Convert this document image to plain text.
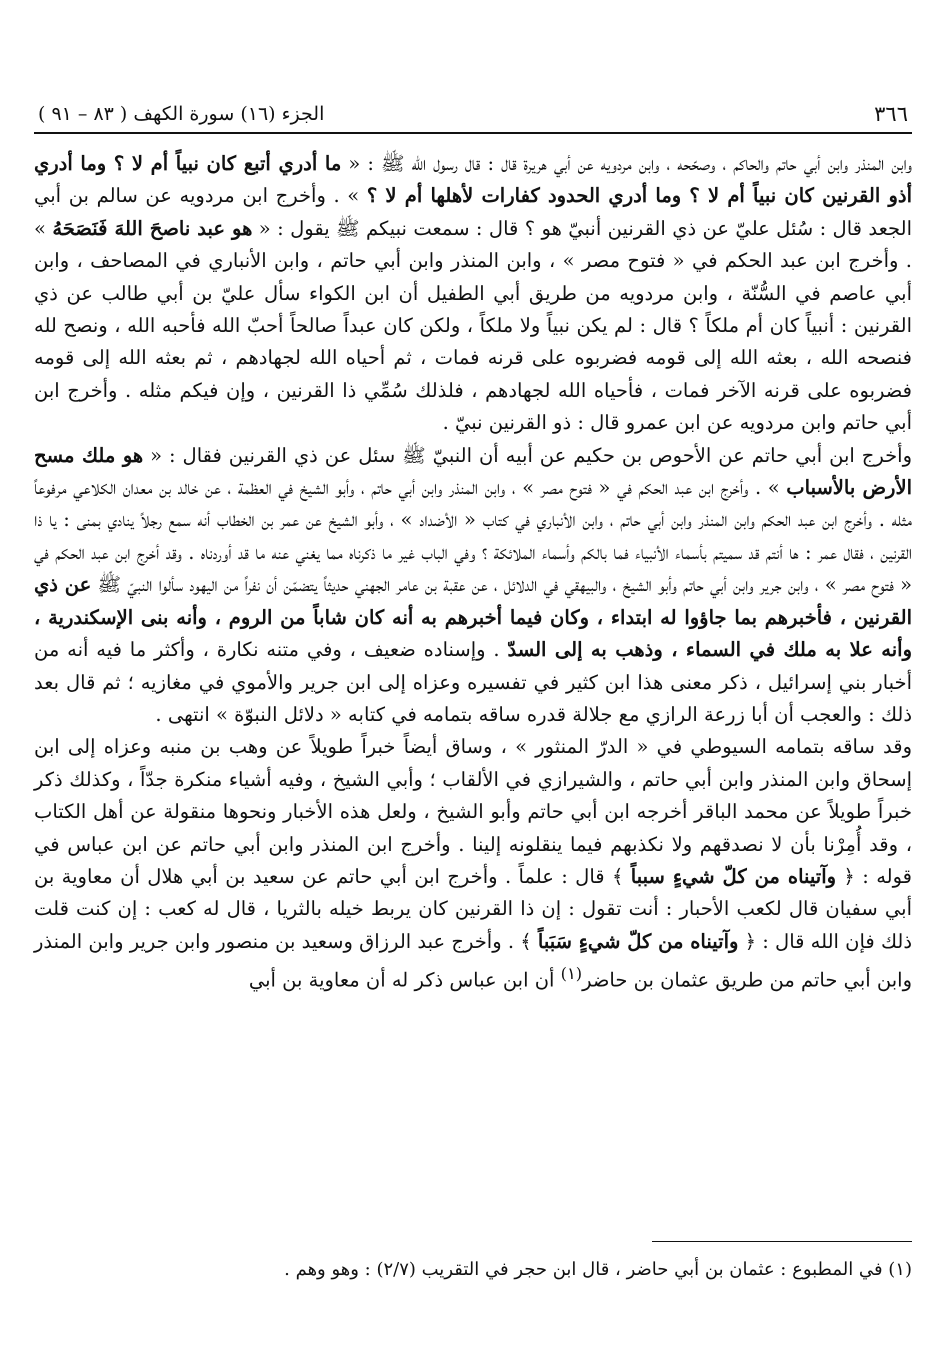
٣٦٦
الجزء (١٦) سورة الكهف ( ٨٣ – ٩١ )

وابن المنذر وابن أبي حاتم والحاكم ، وصحّحه ، وابن مردويه عن أبي هريرة قال : قال رسول الله ﷺ : « ما أدري أتبع كان نبياً أم لا ؟ وما أدري أذو القرنين كان نبياً أم لا ؟ وما أدري الحدود كفارات لأهلها أم لا ؟ » . وأخرج ابن مردويه عن سالم بن أبي الجعد قال : سُئل عليّ عن ذي القرنين أنبيّ هو ؟ قال : سمعت نبيكم ﷺ يقول : « هو عبد ناصحَ اللهَ فَنَصَحَهُ » . وأخرج ابن عبد الحكم في « فتوح مصر » ، وابن المنذر وابن أبي حاتم ، وابن الأنباري في المصاحف ، وابن أبي عاصم في السُّنّة ، وابن مردويه من طريق أبي الطفيل أن ابن الكواء سأل عليّ بن أبي طالب عن ذي القرنين : أنبياً كان أم ملكاً ؟ قال : لم يكن نبياً ولا ملكاً ، ولكن كان عبداً صالحاً أحبّ الله فأحبه الله ، ونصح لله فنصحه الله ، بعثه الله إلى قومه فضربوه على قرنه فمات ، ثم أحياه الله لجهادهم ، ثم بعثه الله إلى قومه فضربوه على قرنه الآخر فمات ، فأحياه الله لجهادهم ، فلذلك سُمِّي ذا القرنين ، وإن فيكم مثله . وأخرج ابن أبي حاتم وابن مردويه عن ابن عمرو قال : ذو القرنين نبيّ .

وأخرج ابن أبي حاتم عن الأحوص بن حكيم عن أبيه أن النبيّ ﷺ سئل عن ذي القرنين فقال : « هو ملك مسح الأرض بالأسباب » . وأخرج ابن عبد الحكم في « فتوح مصر » ، وابن المنذر وابن أبي حاتم ، وأبو الشيخ في العظمة ، عن خالد بن معدان الكلاعي مرفوعاً مثله . وأخرج ابن عبد الحكم وابن المنذر وابن أبي حاتم ، وابن الأنباري في كتاب « الأضداد » ، وأبو الشيخ عن عمر بن الخطاب أنه سمع رجلاً ينادي بمنى : يا ذا القرنين ، فقال عمر : ها أنتم قد سميتم بأسماء الأنبياء فما بالكم وأسماء الملائكة ؟ وفي الباب غير ما ذكرناه مما يغني عنه ما قد أوردناه . وقد أخرج ابن عبد الحكم في « فتوح مصر » ، وابن جرير وابن أبي حاتم وأبو الشيخ ، والبيهقي في الدلائل ، عن عقبة بن عامر الجهني حديثاً يتضمّن أن نفراً من اليهود سألوا النبيّ ﷺ عن ذي القرنين ، فأخبرهم بما جاؤوا له ابتداء ، وكان فيما أخبرهم به أنه كان شاباً من الروم ، وأنه بنى الإسكندرية ، وأنه علا به ملك في السماء ، وذهب به إلى السدّ . وإسناده ضعيف ، وفي متنه نكارة ، وأكثر ما فيه أنه من أخبار بني إسرائيل ، ذكر معنى هذا ابن كثير في تفسيره وعزاه إلى ابن جرير والأموي في مغازيه ؛ ثم قال بعد ذلك : والعجب أن أبا زرعة الرازي مع جلالة قدره ساقه بتمامه في كتابه « دلائل النبوّة » انتهى .

وقد ساقه بتمامه السيوطي في « الدرّ المنثور » ، وساق أيضاً خبراً طويلاً عن وهب بن منبه وعزاه إلى ابن إسحاق وابن المنذر وابن أبي حاتم ، والشيرازي في الألقاب ؛ وأبي الشيخ ، وفيه أشياء منكرة جدّاً ، وكذلك ذكر خبراً طويلاً عن محمد الباقر أخرجه ابن أبي حاتم وأبو الشيخ ، ولعل هذه الأخبار ونحوها منقولة عن أهل الكتاب ، وقد أُمِرْنا بأن لا نصدقهم ولا نكذبهم فيما ينقلونه إلينا . وأخرج ابن المنذر وابن أبي حاتم عن ابن عباس في قوله : ﴿ وآتيناه من كلّ شيءٍ سبباً ﴾ قال : علماً . وأخرج ابن أبي حاتم عن سعيد بن أبي هلال أن معاوية بن أبي سفيان قال لكعب الأحبار : أنت تقول : إن ذا القرنين كان يربط خيله بالثريا ، قال له كعب : إن كنت قلت ذلك فإن الله قال : ﴿ وآتيناه من كلّ شيءٍ سَبَباً ﴾ . وأخرج عبد الرزاق وسعيد بن منصور وابن جرير وابن المنذر وابن أبي حاتم من طريق عثمان بن حاضر$^{(١)}$ أن ابن عباس ذكر له أن معاوية بن أبي

(١) في المطبوع : عثمان بن أبي حاضر ، قال ابن حجر في التقريب (٢/٧) : وهو وهم .
